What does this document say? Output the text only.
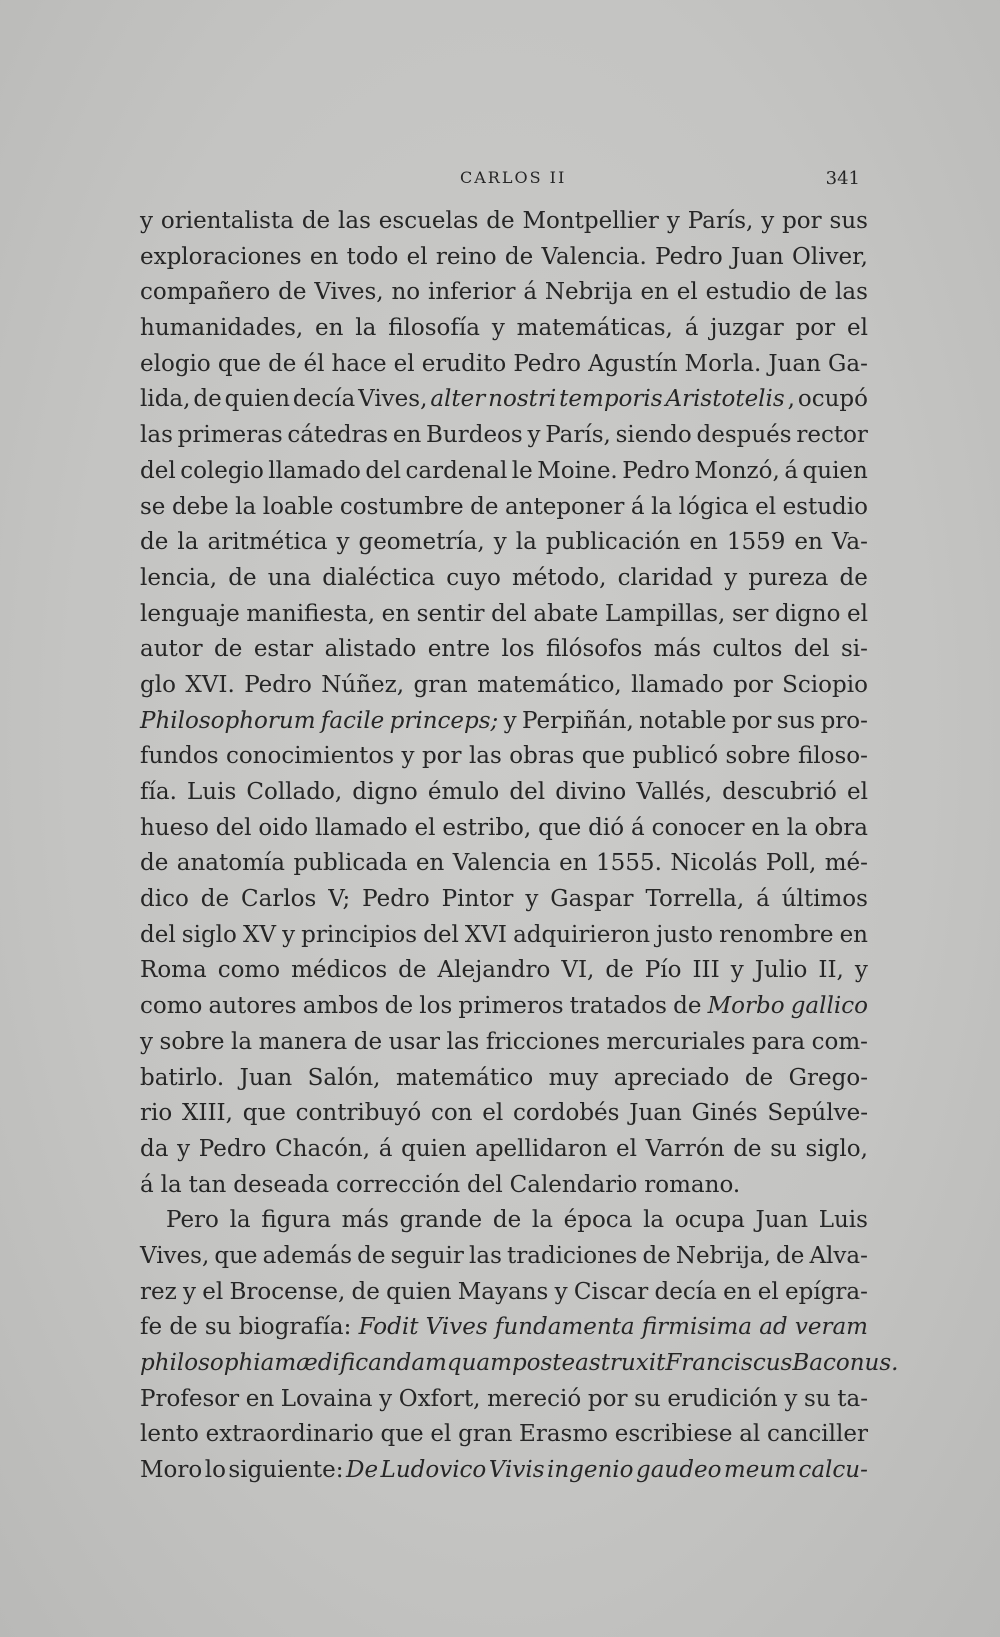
CARLOS II	341
y orientalista de las escuelas de Montpellier y París, y por sus
exploraciones en todo el reino de Valencia. Pedro Juan Oliver,
compañero de Vives, no inferior á Nebrija en el estudio de las
humanidades, en la filosofía y matemáticas, á juzgar por el
elogio que de él hace el erudito Pedro Agustín Morla. Juan Ga-
lida, de quien decía Vives, alter nostri temporis Aristotelis , ocupó
las primeras cátedras en Burdeos y París, siendo después rector
del colegio llamado del cardenal le Moine. Pedro Monzó, á quien
se debe la loable costumbre de anteponer á la lógica el estudio
de la aritmética y geometría, y la publicación en 1559 en Va-
lencia, de una dialéctica cuyo método, claridad y pureza de
lenguaje manifiesta, en sentir del abate Lampillas, ser digno el
autor de estar alistado entre los filósofos más cultos del si-
glo XVI. Pedro Núñez, gran matemático, llamado por Sciopio
Philosophorum facile princeps; y Perpiñán, notable por sus pro-
fundos conocimientos y por las obras que publicó sobre filoso-
fía. Luis Collado, digno émulo del divino Vallés, descubrió el
hueso del oido llamado el estribo, que dió á conocer en la obra
de anatomía publicada en Valencia en 1555. Nicolás Poll, mé-
dico de Carlos V; Pedro Pintor y Gaspar Torrella, á últimos
del siglo XV y principios del XVI adquirieron justo renombre en
Roma como médicos de Alejandro VI, de Pío III y Julio II, y
como autores ambos de los primeros tratados de Morbo gallico
y sobre la manera de usar las fricciones mercuriales para com-
batirlo. Juan Salón, matemático muy apreciado de Grego-
rio XIII, que contribuyó con el cordobés Juan Ginés Sepúlve-
da y Pedro Chacón, á quien apellidaron el Varrón de su siglo,
á la tan deseada corrección del Calendario romano.
Pero la figura más grande de la época la ocupa Juan Luis
Vives, que además de seguir las tradiciones de Nebrija, de Alva-
rez y el Brocense, de quien Mayans y Ciscar decía en el epígra-
fe de su biografía: Fodit Vives fundamenta firmisima ad veram
philosophiam ædificandam quam postea struxit Franciscus Baconus.
Profesor en Lovaina y Oxfort, mereció por su erudición y su ta-
lento extraordinario que el gran Erasmo escribiese al canciller
Moro lo siguiente: De Ludovico Vivis ingenio gaudeo meum calcu-
